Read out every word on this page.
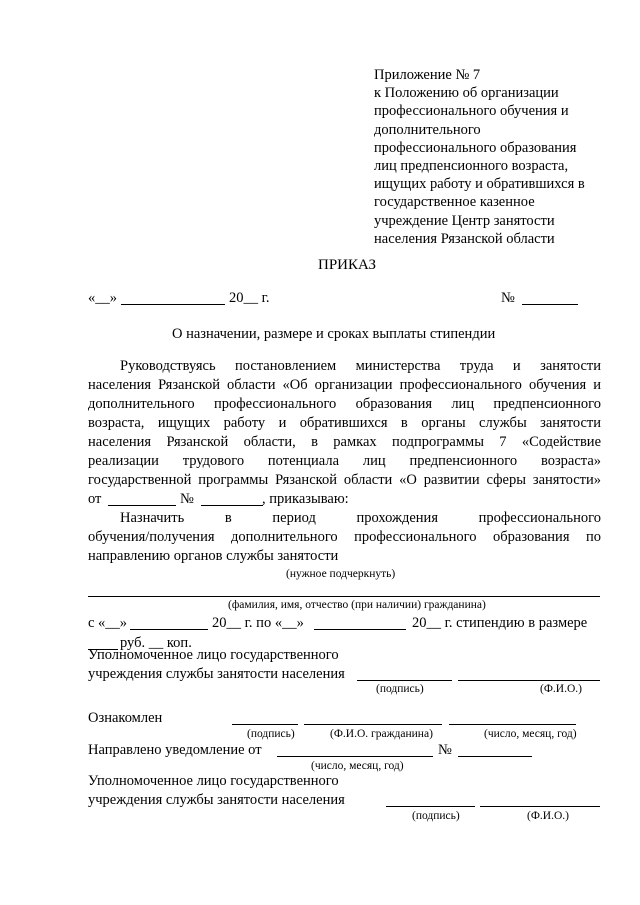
Приложение № 7
к Положению об организации
профессионального обучения и
дополнительного
профессионального образования
лиц предпенсионного возраста,
ищущих работу и обратившихся в
государственное казенное
учреждение Центр занятости
населения Рязанской области
ПРИКАЗ
«__»	20__ г.	№
О назначении, размере и сроках выплаты стипендии
Руководствуясь постановлением министерства труда и занятости
населения Рязанской области «Об организации профессионального обучения и
дополнительного профессионального образования лиц предпенсионного
возраста, ищущих работу и обратившихся в органы службы занятости
населения Рязанской области, в рамках подпрограммы 7 «Содействие
реализации трудового потенциала лиц предпенсионного возраста»
государственной программы Рязанской области «О развитии сферы занятости»
от	№	, приказываю:
Назначить в период прохождения профессионального
обучения/получения дополнительного профессионального образования по
направлению органов службы занятости
(нужное подчеркнуть)
(фамилия, имя, отчество (при наличии) гражданина)
с «__»	20__ г. по «__»	20__ г. стипендию в размере
руб. __ коп.
Уполномоченное лицо государственного
учреждения службы занятости населения
(подпись)	(Ф.И.О.)
Ознакомлен
(подпись)	(Ф.И.О. гражданина)	(число, месяц, год)
Направлено уведомление от	№
(число, месяц, год)
Уполномоченное лицо государственного
учреждения службы занятости населения
(подпись)	(Ф.И.О.)
